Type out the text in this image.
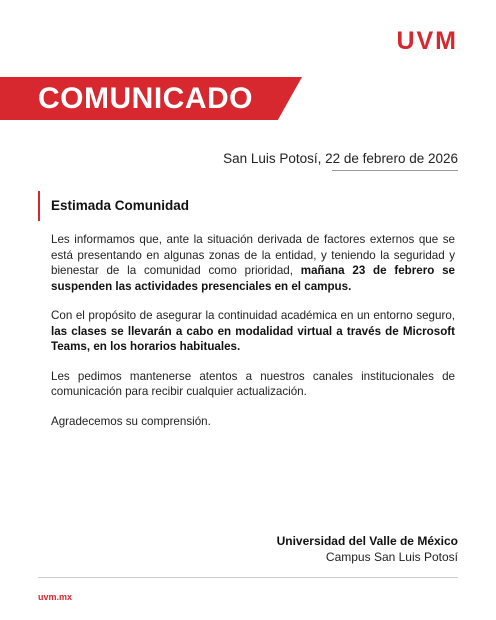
UVM
COMUNICADO
San Luis Potosí, 22 de febrero de 2026
Estimada Comunidad

Les informamos que, ante la situación derivada de factores externos que se está presentando en algunas zonas de la entidad, y teniendo la seguridad y bienestar de la comunidad como prioridad, mañana 23 de febrero se suspenden las actividades presenciales en el campus.

Con el propósito de asegurar la continuidad académica en un entorno seguro, las clases se llevarán a cabo en modalidad virtual a través de Microsoft Teams, en los horarios habituales.

Les pedimos mantenerse atentos a nuestros canales institucionales de comunicación para recibir cualquier actualización.

Agradecemos su comprensión.

Universidad del Valle de México
Campus San Luis Potosí
uvm.mx
